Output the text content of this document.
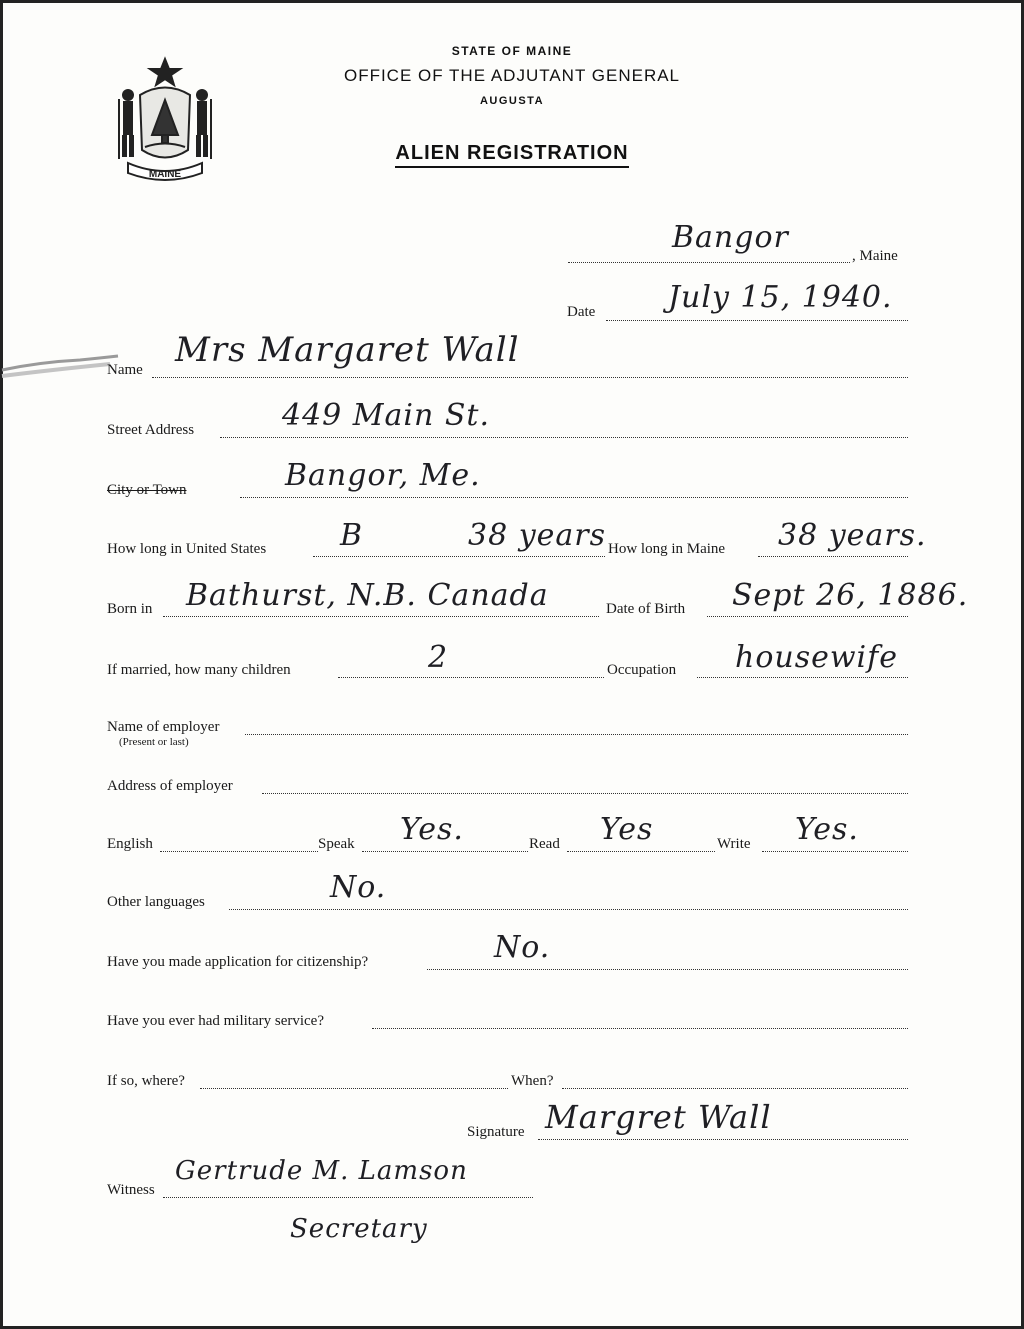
MAINE
STATE OF MAINE
OFFICE OF THE ADJUTANT GENERAL
AUGUSTA
ALIEN REGISTRATION
Bangor
, Maine
Date July 15, 1940.
Name Mrs Margaret Wall
Street Address	449 Main St.
City or Town	Bangor, Me.
How long in United States B	38 years How long in Maine 38 years.
Born in Bathurst, N.B. Canada	Date of Birth Sept 26, 1886.
If married, how many children	2	Occupation housewife
Name of employer
(Present or last)
Address of employer
English	Speak Yes.	Read Yes	Write Yes.
Other languages	No.
Have you made application for citizenship?	No.
Have you ever had military service?
If so, where?	When?
Signature Margret Wall
Witness
Gertrude M. Lamson
Secretary
